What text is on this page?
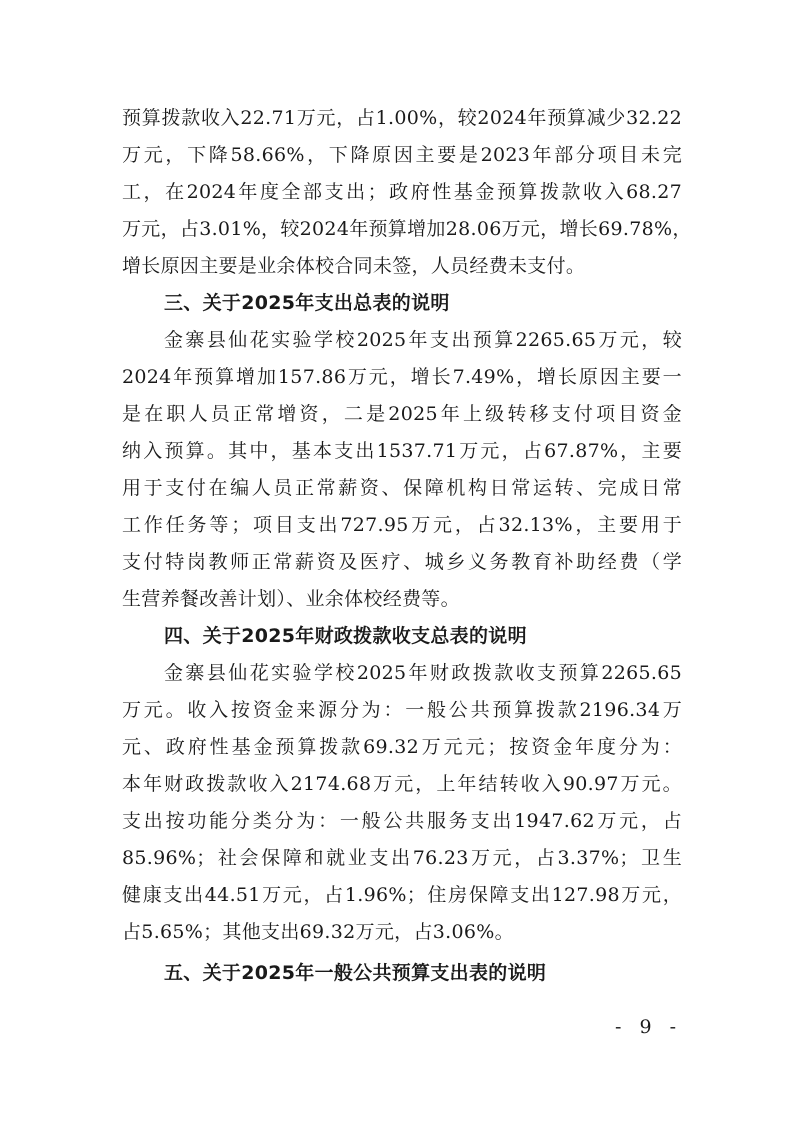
预算拨款收入22.71万元，占1.00%，较2024年预算减少32.22
万元，下降58.66%，下降原因主要是2023年部分项目未完
工，在2024年度全部支出；政府性基金预算拨款收入68.27
万元，占3.01%，较2024年预算增加28.06万元，增长69.78%，
增长原因主要是业余体校合同未签，人员经费未支付。
三、关于2025年支出总表的说明
金寨县仙花实验学校2025年支出预算2265.65万元，较
2024年预算增加157.86万元，增长7.49%，增长原因主要一
是在职人员正常增资，二是2025年上级转移支付项目资金
纳入预算。其中，基本支出1537.71万元，占67.87%，主要
用于支付在编人员正常薪资、保障机构日常运转、完成日常
工作任务等；项目支出727.95万元，占32.13%，主要用于
支付特岗教师正常薪资及医疗、城乡义务教育补助经费（学
生营养餐改善计划）、业余体校经费等。
四、关于2025年财政拨款收支总表的说明
金寨县仙花实验学校2025年财政拨款收支预算2265.65
万元。收入按资金来源分为：一般公共预算拨款2196.34万
元、政府性基金预算拨款69.32万元元；按资金年度分为：
本年财政拨款收入2174.68万元，上年结转收入90.97万元。
支出按功能分类分为：一般公共服务支出1947.62万元，占
85.96%；社会保障和就业支出76.23万元，占3.37%；卫生
健康支出44.51万元，占1.96%；住房保障支出127.98万元，
占5.65%；其他支出69.32万元，占3.06%。
五、关于2025年一般公共预算支出表的说明
- 9 -
